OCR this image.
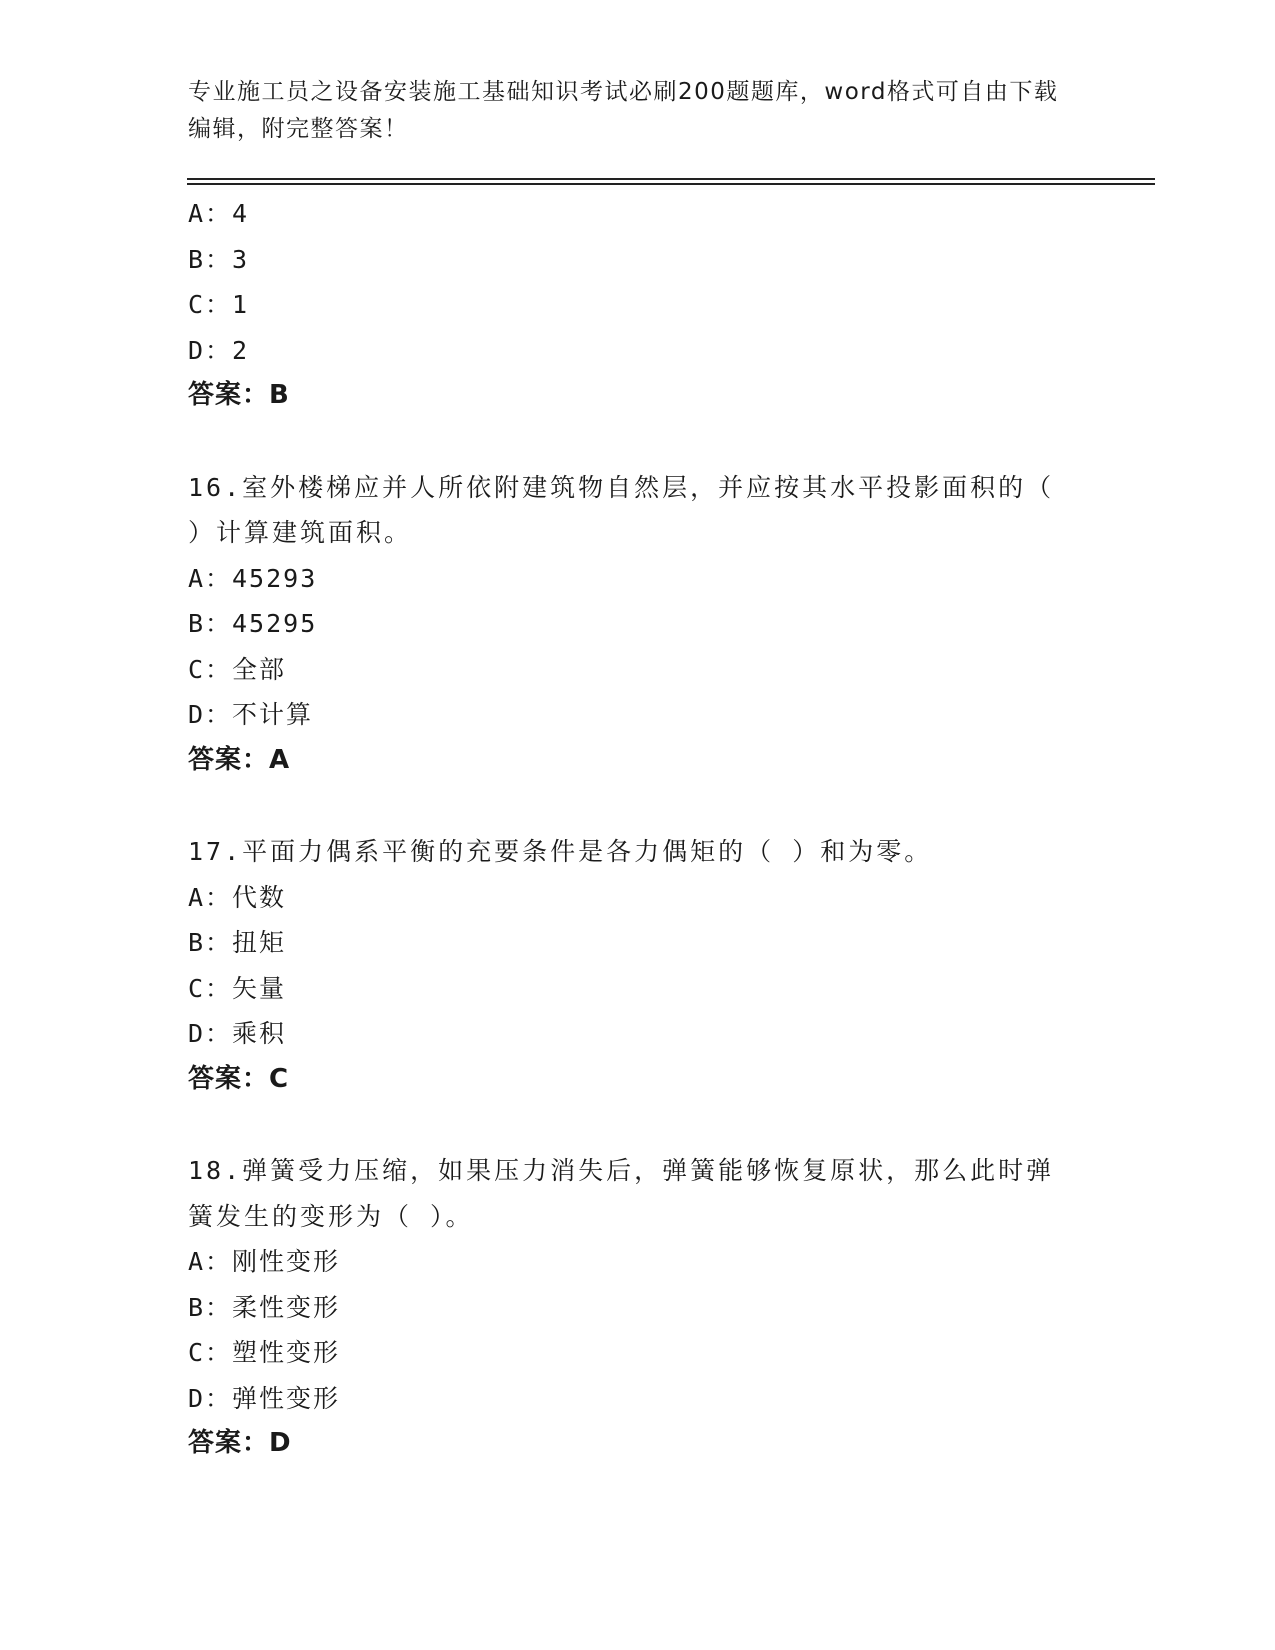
专业施工员之设备安装施工基础知识考试必刷200题题库，word格式可自由下载
编辑，附完整答案！
A：4
B：3
C：1
D：2
答案：B
16.室外楼梯应并人所依附建筑物自然层，并应按其水平投影面积的（
）计算建筑面积。
A：45293
B：45295
C：全部
D：不计算
答案：A
17.平面力偶系平衡的充要条件是各力偶矩的（ ）和为零。
A：代数
B：扭矩
C：矢量
D：乘积
答案：C
18.弹簧受力压缩，如果压力消失后，弹簧能够恢复原状，那么此时弹
簧发生的变形为（ ）。
A：刚性变形
B：柔性变形
C：塑性变形
D：弹性变形
答案：D
